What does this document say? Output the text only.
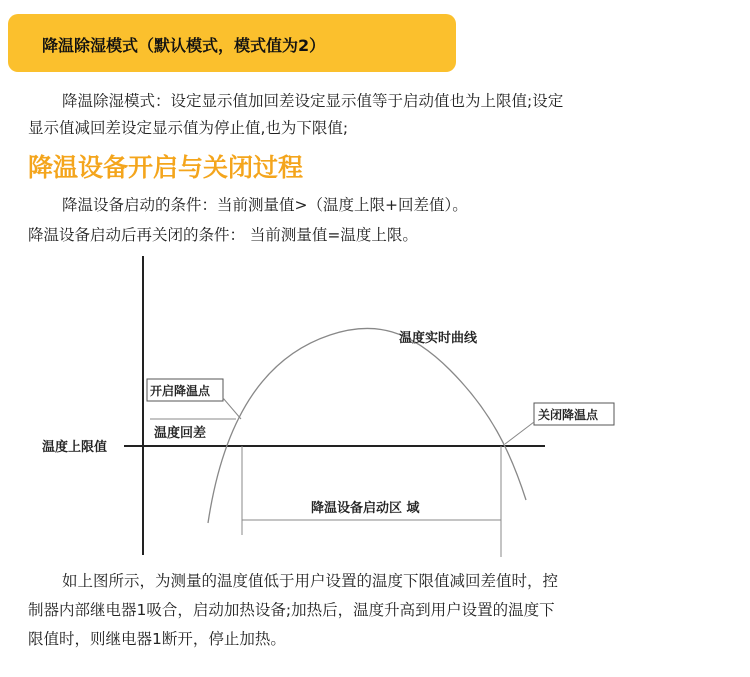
降温除湿模式（默认模式，模式值为2）
降温除湿模式：设定显示值加回差设定显示值等于启动值也为上限值;设定
显示值减回差设定显示值为停止值,也为下限值;
降温设备开启与关闭过程
降温设备启动的条件：当前测量值>（温度上限+回差值）。
降温设备启动后再关闭的条件： 当前测量值=温度上限。
温度实时曲线
开启降温点
关闭降温点
温度回差
温度上限值
降温设备启动区 域
如上图所示，为测量的温度值低于用户设置的温度下限值减回差值时，控
制器内部继电器1吸合，启动加热设备;加热后，温度升高到用户设置的温度下
限值时，则继电器1断开，停止加热。
